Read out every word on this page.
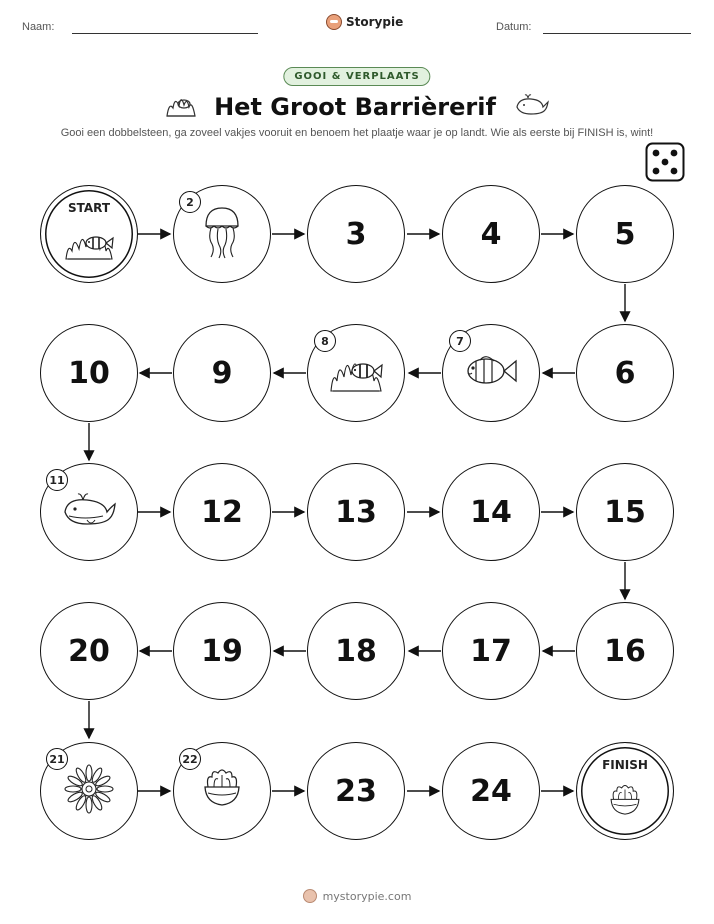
Naam:	Storypie	Datum:
GOOI & VERPLAATS
Het Groot Barrièrerif
Gooi een dobbelsteen, ga zoveel vakjes vooruit en benoem het plaatje waar je op landt. Wie als eerste bij FINISH is, wint!
START	2
3	4	5
6
7
8
9
10
11
12	13	14	15
16
17
18
19
20
21	22
23	24
FINISH
mystorypie.com
